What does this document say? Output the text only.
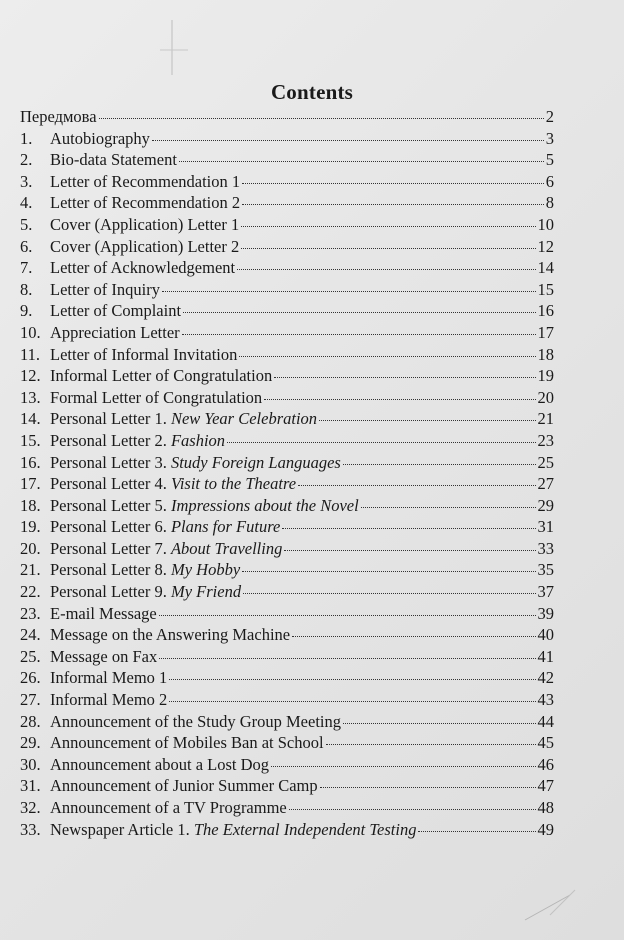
Contents
Передмова	2
1.	Autobiography	3
2.	Bio-data Statement	5
3.	Letter of Recommendation 1	6
4.	Letter of Recommendation 2	8
5.	Cover (Application) Letter 1	10
6.	Cover (Application) Letter 2	12
7.	Letter of Acknowledgement	14
8.	Letter of Inquiry	15
9.	Letter of Complaint	16
10. Appreciation Letter	17
11. Letter of Informal Invitation	18
12. Informal Letter of Congratulation	19
13. Formal Letter of Congratulation	20
14. Personal Letter 1. New Year Celebration	21
15. Personal Letter 2. Fashion	23
16. Personal Letter 3. Study Foreign Languages	25
17. Personal Letter 4. Visit to the Theatre	27
18. Personal Letter 5. Impressions about the Novel	29
19. Personal Letter 6. Plans for Future	31
20. Personal Letter 7. About Travelling	33
21. Personal Letter 8. My Hobby	35
22. Personal Letter 9. My Friend	37
23. E-mail Message	39
24. Message on the Answering Machine	40
25. Message on Fax	41
26. Informal Memo 1	42
27. Informal Memo 2	43
28. Announcement of the Study Group Meeting	44
29. Announcement of Mobiles Ban at School	45
30. Announcement about a Lost Dog	46
31. Announcement of Junior Summer Camp	47
32. Announcement of a TV Programme	48
33. Newspaper Article 1. The External Independent Testing	49
